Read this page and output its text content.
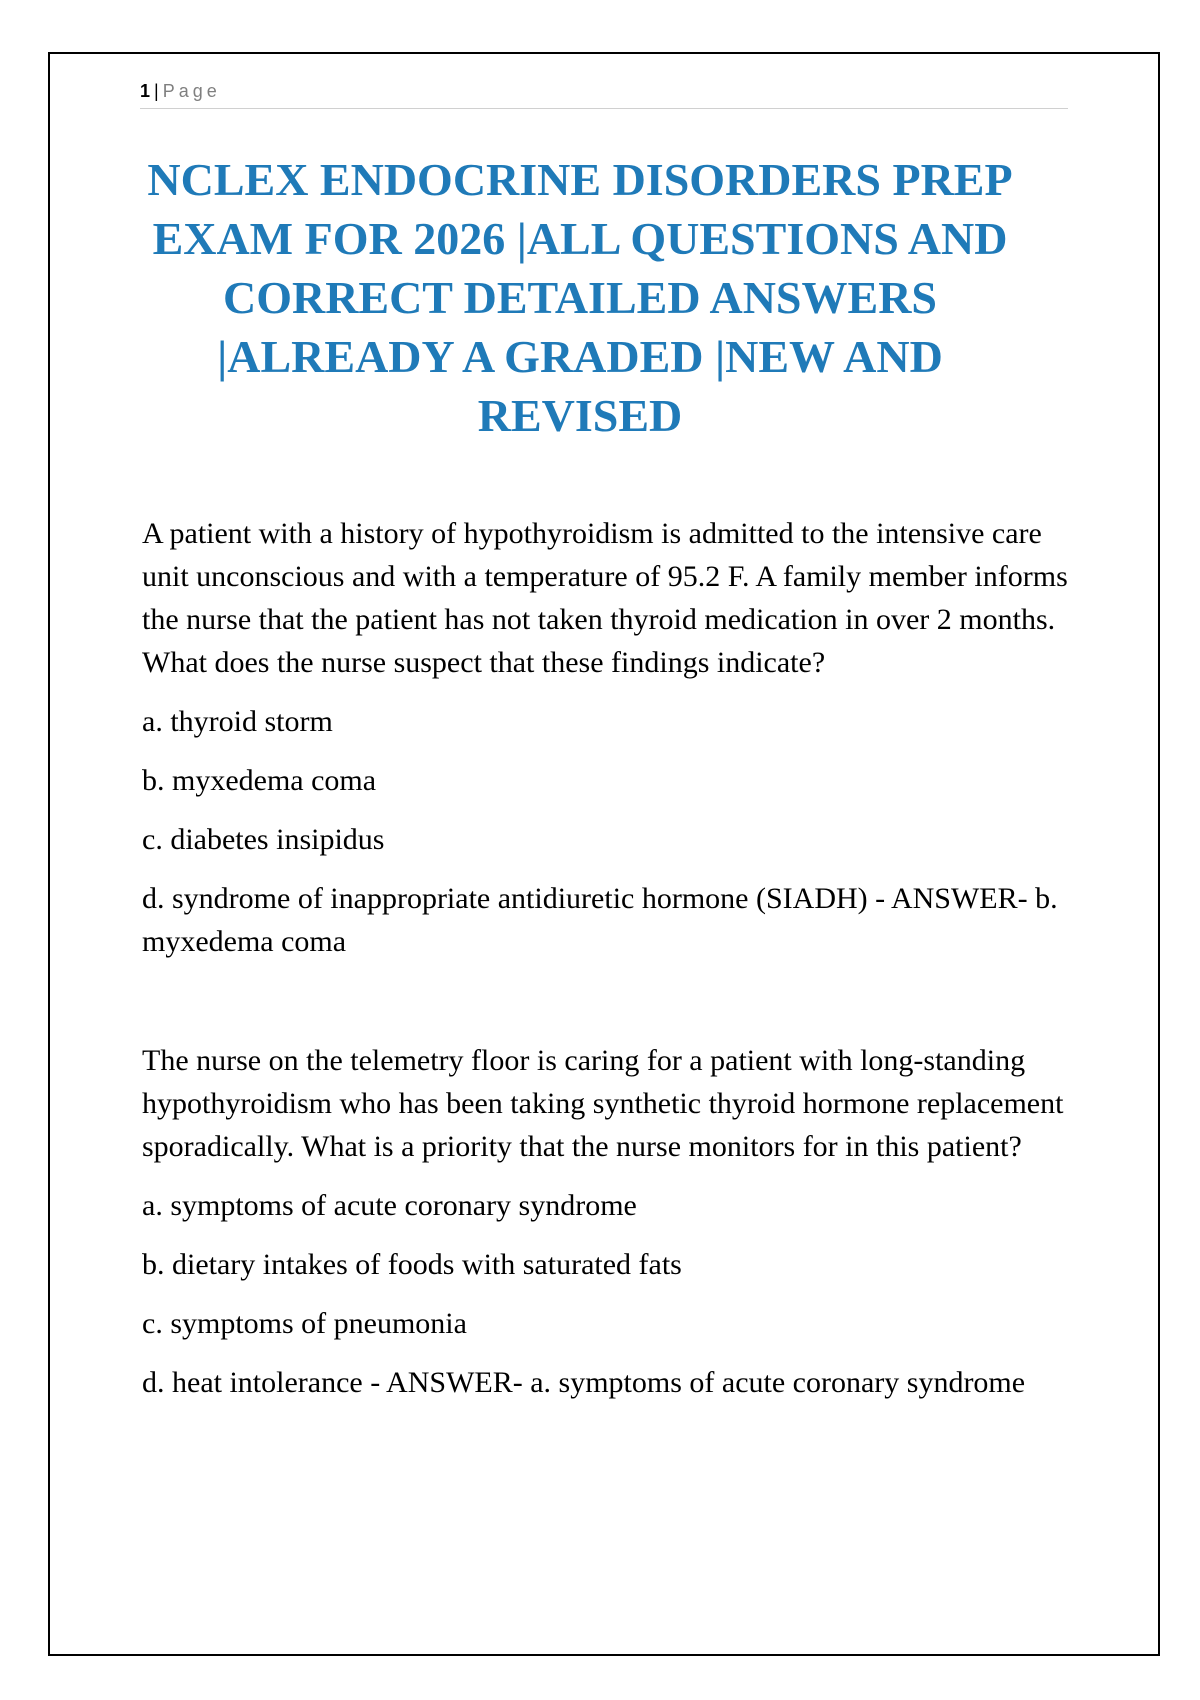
1 | Page
NCLEX ENDOCRINE DISORDERS PREP EXAM FOR 2026 |ALL QUESTIONS AND CORRECT DETAILED ANSWERS |ALREADY A GRADED |NEW AND REVISED

A patient with a history of hypothyroidism is admitted to the intensive care unit unconscious and with a temperature of 95.2 F. A family member informs the nurse that the patient has not taken thyroid medication in over 2 months. What does the nurse suspect that these findings indicate?

a. thyroid storm

b. myxedema coma

c. diabetes insipidus

d. syndrome of inappropriate antidiuretic hormone (SIADH) - ANSWER- b. myxedema coma

The nurse on the telemetry floor is caring for a patient with long-standing hypothyroidism who has been taking synthetic thyroid hormone replacement sporadically. What is a priority that the nurse monitors for in this patient?

a. symptoms of acute coronary syndrome

b. dietary intakes of foods with saturated fats

c. symptoms of pneumonia

d. heat intolerance - ANSWER- a. symptoms of acute coronary syndrome
